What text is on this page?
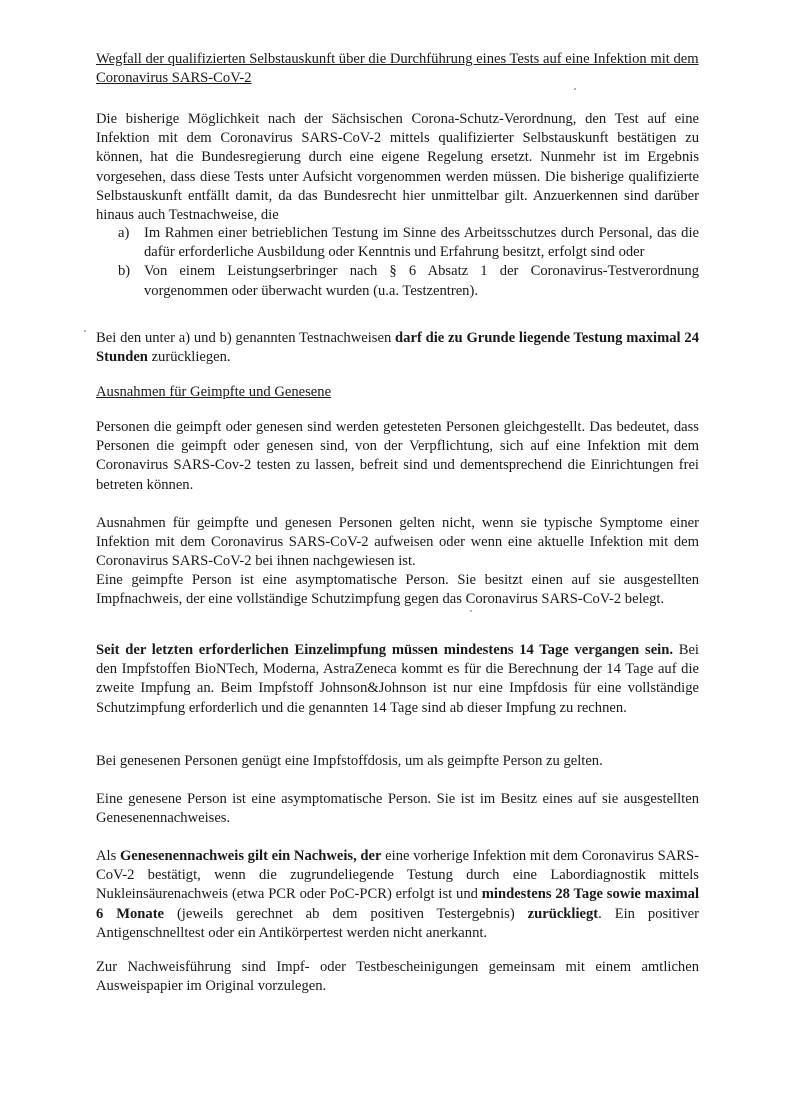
Wegfall der qualifizierten Selbstauskunft über die Durchführung eines Tests auf eine Infektion mit dem Coronavirus SARS-CoV-2
Die bisherige Möglichkeit nach der Sächsischen Corona-Schutz-Verordnung, den Test auf eine Infektion mit dem Coronavirus SARS-CoV-2 mittels qualifizierter Selbstauskunft bestätigen zu können, hat die Bundesregierung durch eine eigene Regelung ersetzt. Nunmehr ist im Ergebnis vorgesehen, dass diese Tests unter Aufsicht vorgenommen werden müssen. Die bisherige qualifizierte Selbstauskunft entfällt damit, da das Bundesrecht hier unmittelbar gilt. Anzuerkennen sind darüber hinaus auch Testnachweise, die
a) Im Rahmen einer betrieblichen Testung im Sinne des Arbeitsschutzes durch Personal, das die dafür erforderliche Ausbildung oder Kenntnis und Erfahrung besitzt, erfolgt sind oder
b) Von einem Leistungserbringer nach § 6 Absatz 1 der Coronavirus-Testverordnung vorgenommen oder überwacht wurden (u.a. Testzentren).
Bei den unter a) und b) genannten Testnachweisen darf die zu Grunde liegende Testung maximal 24 Stunden zurückliegen.
Ausnahmen für Geimpfte und Genesene
Personen die geimpft oder genesen sind werden getesteten Personen gleichgestellt. Das bedeutet, dass Personen die geimpft oder genesen sind, von der Verpflichtung, sich auf eine Infektion mit dem Coronavirus SARS-Cov-2 testen zu lassen, befreit sind und dementsprechend die Einrichtungen frei betreten können.
Ausnahmen für geimpfte und genesen Personen gelten nicht, wenn sie typische Symptome einer Infektion mit dem Coronavirus SARS-CoV-2 aufweisen oder wenn eine aktuelle Infektion mit dem Coronavirus SARS-CoV-2 bei ihnen nachgewiesen ist.
Eine geimpfte Person ist eine asymptomatische Person. Sie besitzt einen auf sie ausgestellten Impfnachweis, der eine vollständige Schutzimpfung gegen das Coronavirus SARS-CoV-2 belegt.
Seit der letzten erforderlichen Einzelimpfung müssen mindestens 14 Tage vergangen sein. Bei den Impfstoffen BioNTech, Moderna, AstraZeneca kommt es für die Berechnung der 14 Tage auf die zweite Impfung an. Beim Impfstoff Johnson&Johnson ist nur eine Impfdosis für eine vollständige Schutzimpfung erforderlich und die genannten 14 Tage sind ab dieser Impfung zu rechnen.
Bei genesenen Personen genügt eine Impfstoffdosis, um als geimpfte Person zu gelten.
Eine genesene Person ist eine asymptomatische Person. Sie ist im Besitz eines auf sie ausgestellten Genesenennachweises.
Als Genesenennachweis gilt ein Nachweis, der eine vorherige Infektion mit dem Coronavirus SARS-CoV-2 bestätigt, wenn die zugrundeliegende Testung durch eine Labordiagnostik mittels Nukleinsäurenachweis (etwa PCR oder PoC-PCR) erfolgt ist und mindestens 28 Tage sowie maximal 6 Monate (jeweils gerechnet ab dem positiven Testergebnis) zurückliegt. Ein positiver Antigenschnelltest oder ein Antikörpertest werden nicht anerkannt.
Zur Nachweisführung sind Impf- oder Testbescheinigungen gemeinsam mit einem amtlichen Ausweispapier im Original vorzulegen.
